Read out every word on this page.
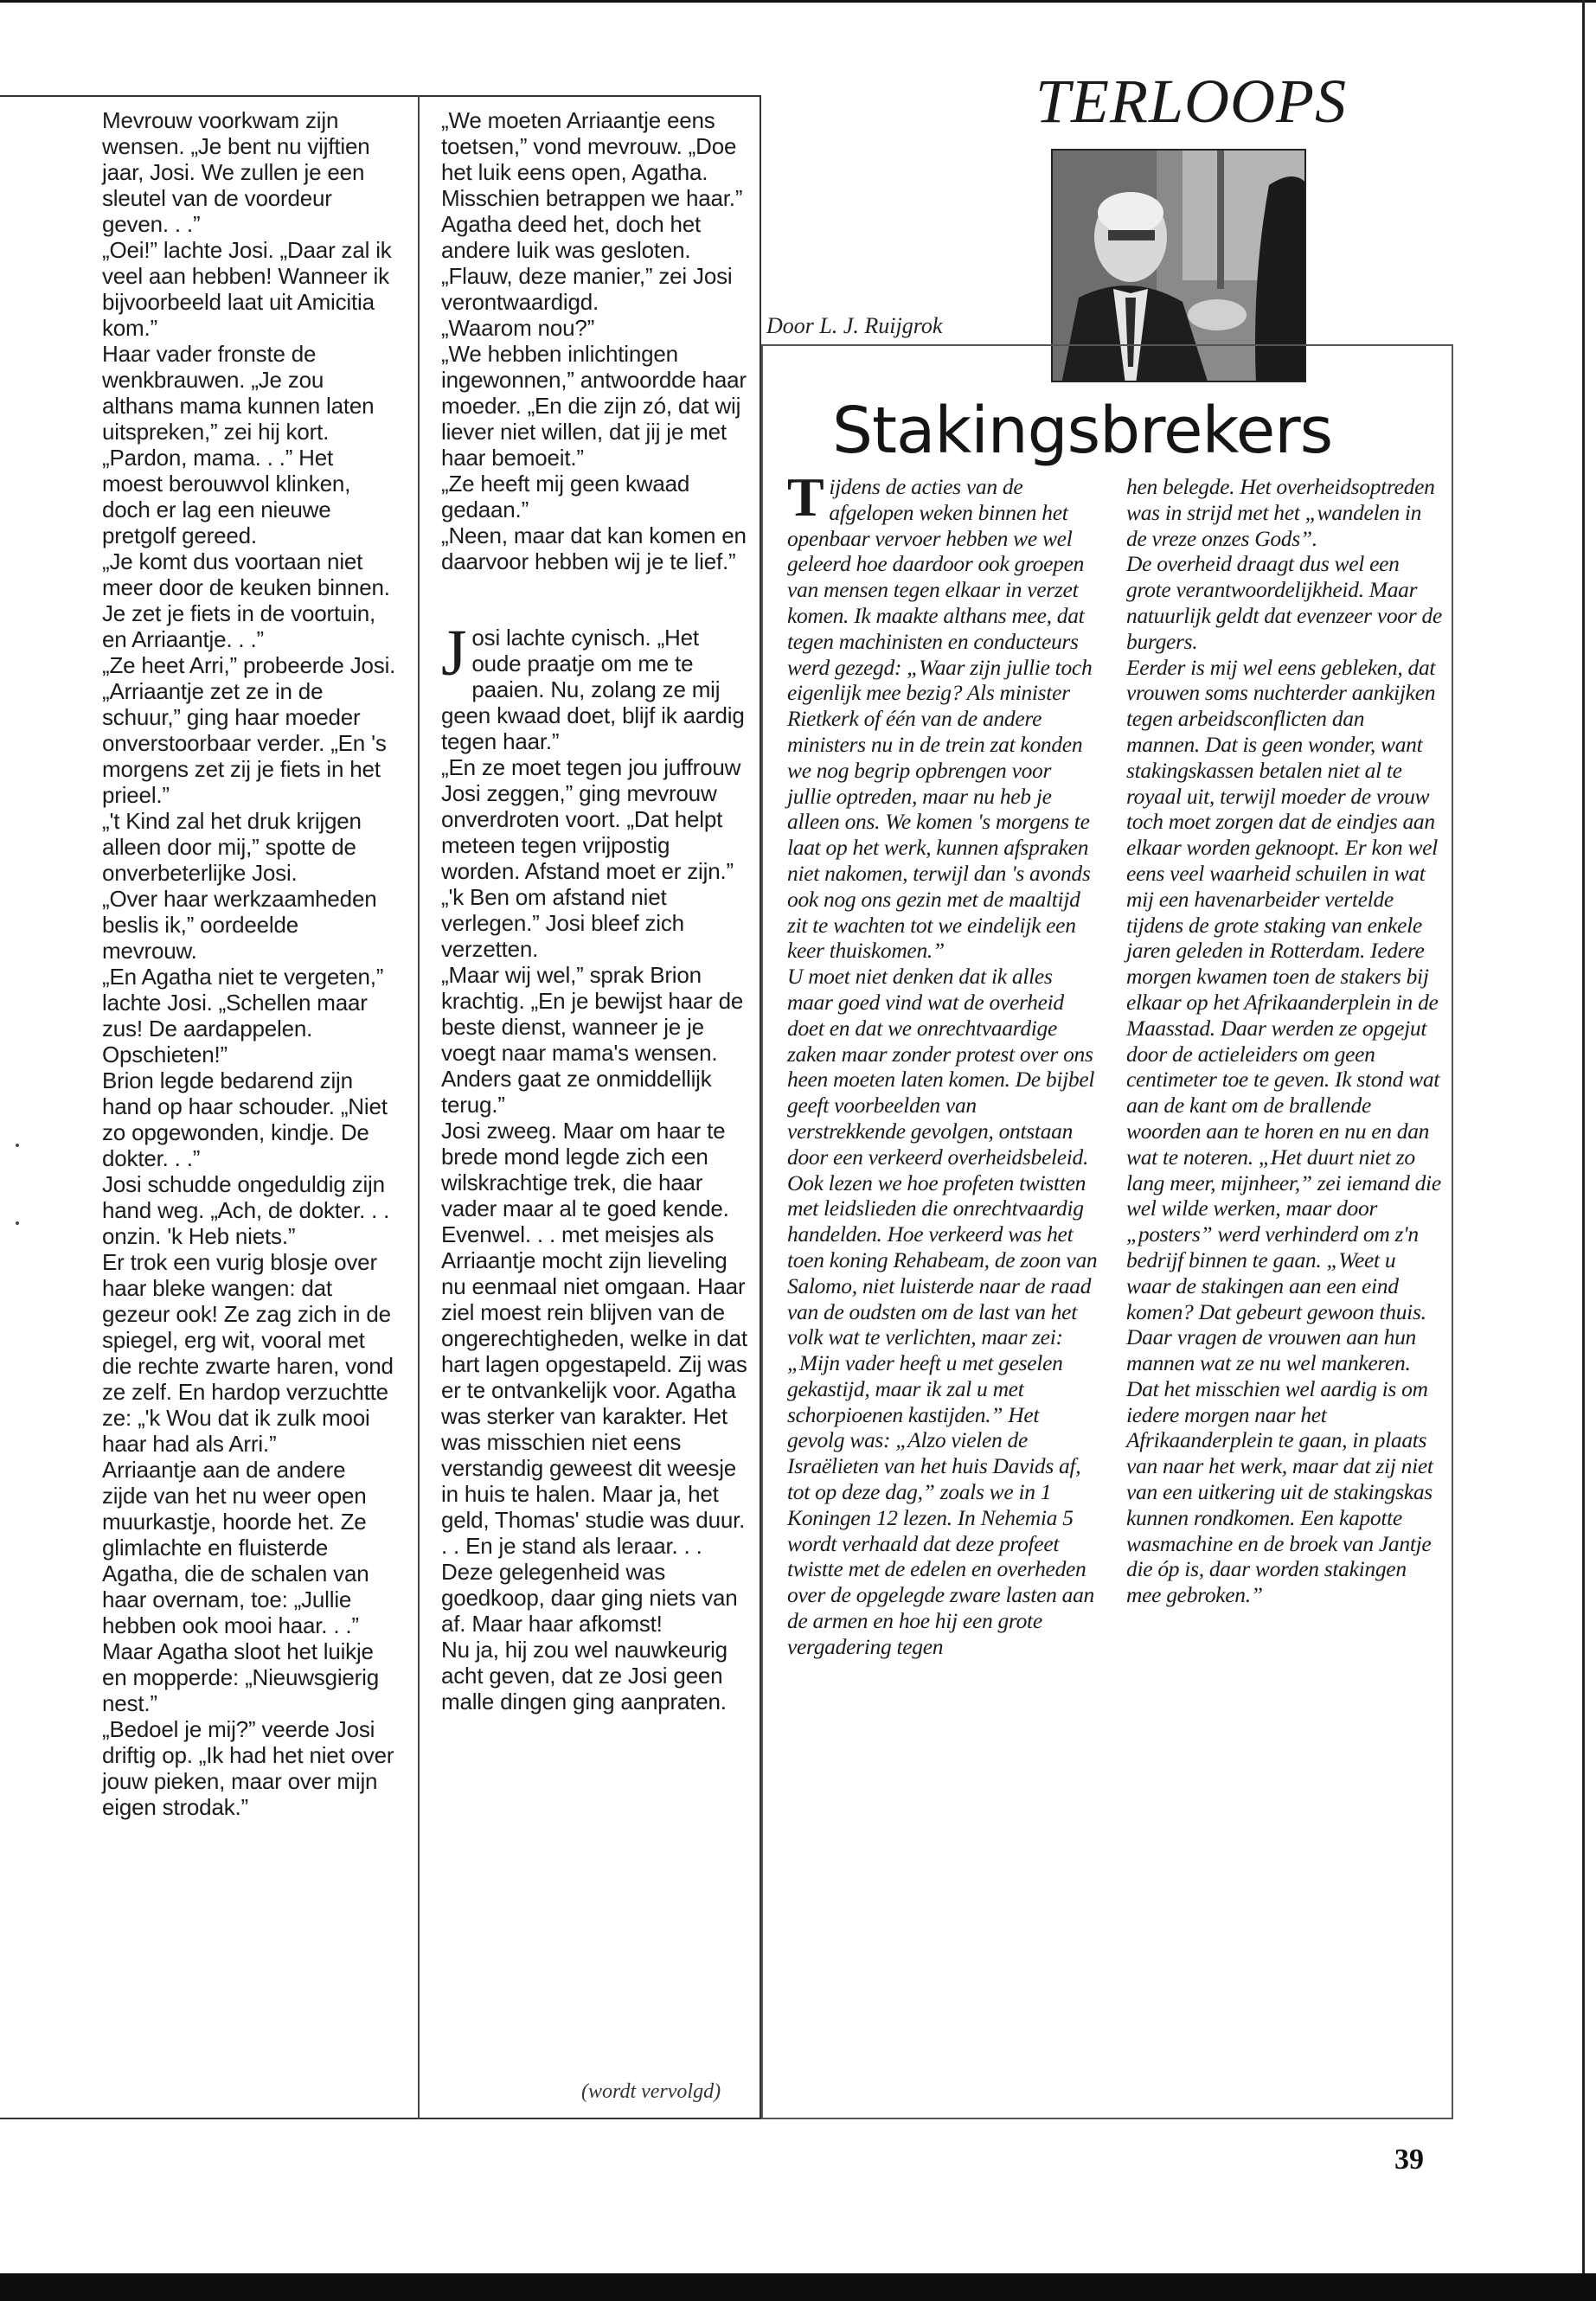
Mevrouw voorkwam zijn wensen. „Je bent nu vijftien jaar, Josi. We zullen je een sleutel van de voordeur geven. . .”

„Oei!” lachte Josi. „Daar zal ik veel aan hebben! Wanneer ik bijvoorbeeld laat uit Amicitia kom.”

Haar vader fronste de wenkbrauwen. „Je zou althans mama kunnen laten uitspreken,” zei hij kort.

„Pardon, mama. . .” Het moest berouwvol klinken, doch er lag een nieuwe pretgolf gereed.

„Je komt dus voortaan niet meer door de keuken binnen. Je zet je fiets in de voortuin, en Arriaantje. . .”

„Ze heet Arri,” probeerde Josi.

„Arriaantje zet ze in de schuur,” ging haar moeder onverstoorbaar verder. „En 's morgens zet zij je fiets in het prieel.”

„'t Kind zal het druk krijgen alleen door mij,” spotte de onverbeterlijke Josi.

„Over haar werkzaamheden beslis ik,” oordeelde mevrouw.

„En Agatha niet te vergeten,” lachte Josi. „Schellen maar zus! De aardappelen. Opschieten!”

Brion legde bedarend zijn hand op haar schouder. „Niet zo opgewonden, kindje. De dokter. . .”

Josi schudde ongeduldig zijn hand weg. „Ach, de dokter. . . onzin. 'k Heb niets.”

Er trok een vurig blosje over haar bleke wangen: dat gezeur ook! Ze zag zich in de spiegel, erg wit, vooral met die rechte zwarte haren, vond ze zelf. En hardop verzuchtte ze: „'k Wou dat ik zulk mooi haar had als Arri.”

Arriaantje aan de andere zijde van het nu weer open muurkastje, hoorde het. Ze glimlachte en fluisterde Agatha, die de schalen van haar overnam, toe: „Jullie hebben ook mooi haar. . .”

Maar Agatha sloot het luikje en mopperde: „Nieuwsgierig nest.”

„Bedoel je mij?” veerde Josi driftig op. „Ik had het niet over jouw pieken, maar over mijn eigen strodak.”

„We moeten Arriaantje eens toetsen,” vond mevrouw. „Doe het luik eens open, Agatha. Misschien betrappen we haar.”

Agatha deed het, doch het andere luik was gesloten.

„Flauw, deze manier,” zei Josi verontwaardigd.

„Waarom nou?”

„We hebben inlichtingen ingewonnen,” antwoordde haar moeder. „En die zijn zó, dat wij liever niet willen, dat jij je met haar bemoeit.”

„Ze heeft mij geen kwaad gedaan.”

„Neen, maar dat kan komen en daarvoor hebben wij je te lief.”

Josi lachte cynisch. „Het oude praatje om me te paaien. Nu, zolang ze mij geen kwaad doet, blijf ik aardig tegen haar.”

„En ze moet tegen jou juffrouw Josi zeggen,” ging mevrouw onverdroten voort. „Dat helpt meteen tegen vrijpostig worden. Afstand moet er zijn.”

„'k Ben om afstand niet verlegen.” Josi bleef zich verzetten.

„Maar wij wel,” sprak Brion krachtig. „En je bewijst haar de beste dienst, wanneer je je voegt naar mama's wensen. Anders gaat ze onmiddellijk terug.”

Josi zweeg. Maar om haar te brede mond legde zich een wilskrachtige trek, die haar vader maar al te goed kende. Evenwel. . . met meisjes als Arriaantje mocht zijn lieveling nu eenmaal niet omgaan. Haar ziel moest rein blijven van de ongerechtigheden, welke in dat hart lagen opgestapeld. Zij was er te ontvankelijk voor. Agatha was sterker van karakter. Het was misschien niet eens verstandig geweest dit weesje in huis te halen. Maar ja, het geld, Thomas' studie was duur. . . En je stand als leraar. . . Deze gelegenheid was goedkoop, daar ging niets van af. Maar haar afkomst!

Nu ja, hij zou wel nauwkeurig acht geven, dat ze Josi geen malle dingen ging aanpraten.

(wordt vervolgd)
TERLOOPS
Door L. J. Ruijgrok
Stakingsbrekers

Tijdens de acties van de afgelopen weken binnen het openbaar vervoer hebben we wel geleerd hoe daardoor ook groepen van mensen tegen elkaar in verzet komen. Ik maakte althans mee, dat tegen machinisten en conducteurs werd gezegd: „Waar zijn jullie toch eigenlijk mee bezig? Als minister Rietkerk of één van de andere ministers nu in de trein zat konden we nog begrip opbrengen voor jullie optreden, maar nu heb je alleen ons. We komen 's morgens te laat op het werk, kunnen afspraken niet nakomen, terwijl dan 's avonds ook nog ons gezin met de maaltijd zit te wachten tot we eindelijk een keer thuiskomen.”

U moet niet denken dat ik alles maar goed vind wat de overheid doet en dat we onrechtvaardige zaken maar zonder protest over ons heen moeten laten komen. De bijbel geeft voorbeelden van verstrekkende gevolgen, ontstaan door een verkeerd overheidsbeleid. Ook lezen we hoe profeten twistten met leidslieden die onrechtvaardig handelden. Hoe verkeerd was het toen koning Rehabeam, de zoon van Salomo, niet luisterde naar de raad van de oudsten om de last van het volk wat te verlichten, maar zei: „Mijn vader heeft u met geselen gekastijd, maar ik zal u met schorpioenen kastijden.” Het gevolg was: „Alzo vielen de Israëlieten van het huis Davids af, tot op deze dag,” zoals we in 1 Koningen 12 lezen. In Nehemia 5 wordt verhaald dat deze profeet twistte met de edelen en overheden over de opgelegde zware lasten aan de armen en hoe hij een grote vergadering tegen

hen belegde. Het overheidsoptreden was in strijd met het „wandelen in de vreze onzes Gods”.

De overheid draagt dus wel een grote verantwoordelijkheid. Maar natuurlijk geldt dat evenzeer voor de burgers.

Eerder is mij wel eens gebleken, dat vrouwen soms nuchterder aankijken tegen arbeidsconflicten dan mannen. Dat is geen wonder, want stakingskassen betalen niet al te royaal uit, terwijl moeder de vrouw toch moet zorgen dat de eindjes aan elkaar worden geknoopt. Er kon wel eens veel waarheid schuilen in wat mij een havenarbeider vertelde tijdens de grote staking van enkele jaren geleden in Rotterdam. Iedere morgen kwamen toen de stakers bij elkaar op het Afrikaanderplein in de Maasstad. Daar werden ze opgejut door de actieleiders om geen centimeter toe te geven. Ik stond wat aan de kant om de brallende woorden aan te horen en nu en dan wat te noteren. „Het duurt niet zo lang meer, mijnheer,” zei iemand die wel wilde werken, maar door „posters” werd verhinderd om z'n bedrijf binnen te gaan. „Weet u waar de stakingen aan een eind komen? Dat gebeurt gewoon thuis. Daar vragen de vrouwen aan hun mannen wat ze nu wel mankeren. Dat het misschien wel aardig is om iedere morgen naar het Afrikaanderplein te gaan, in plaats van naar het werk, maar dat zij niet van een uitkering uit de stakingskas kunnen rondkomen. Een kapotte wasmachine en de broek van Jantje die óp is, daar worden stakingen mee gebroken.”

39
